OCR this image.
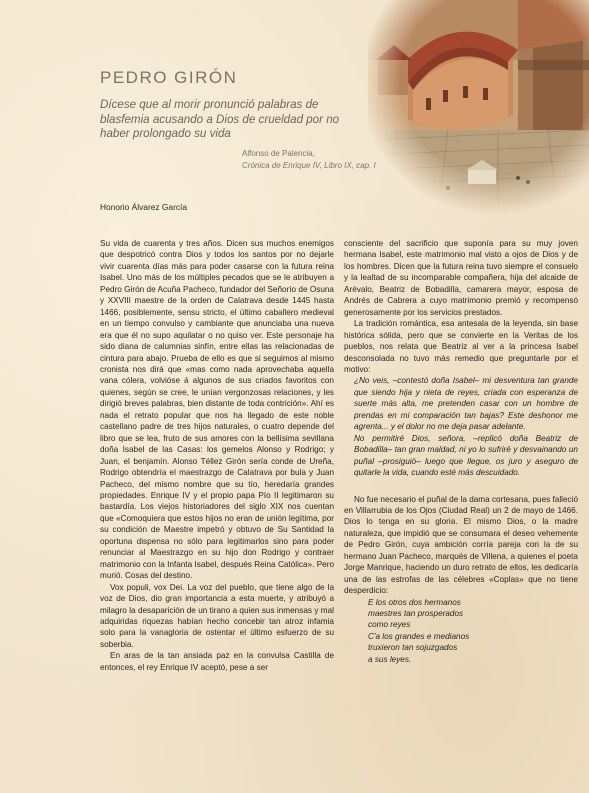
PEDRO GIRÓN

Dícese que al morir pronunció palabras de blasfemia acusando a Dios de crueldad por no haber prolongado su vida

Alfonso de Palencia,
Crónica de Enrique IV, Libro IX, cap. I
Honorio Álvarez García

Su vida de cuarenta y tres años. Dicen sus muchos enemigos que despotricó contra Dios y todos los santos por no dejarle vivir cuarenta días más para poder casarse con la futura reina Isabel. Uno más de los múltiples pecados que se le atribuyen a Pedro Girón de Acuña Pacheco, fundador del Señorío de Osuna y XXVIII maestre de la orden de Calatrava desde 1445 hasta 1466, posiblemente, sensu stricto, el último caballero medieval en un tiempo convulso y cambiante que anunciaba una nueva era que él no supo aquilatar o no quiso ver. Este personaje ha sido diana de calumnias sinfín, entre ellas las relacionadas de cintura para abajo. Prueba de ello es que si seguimos al mismo cronista nos dirá que «mas como nada aprovechaba aquella vana cólera, volvióse á algunos de sus criados favoritos con quienes, según se cree, le unían vergonzosas relaciones, y les dirigió breves palabras, bien distante de toda contrición». Ahí es nada el retrato popular que nos ha llegado de este noble castellano padre de tres hijos naturales, o cuatro depende del libro que se lea, fruto de sus amores con la bellísima sevillana doña Isabel de las Casas: los gemelos Alonso y Rodrigo; y Juan, el benjamín. Alonso Téllez Girón sería conde de Ureña, Rodrigo obtendría el maestrazgo de Calatrava por bula y Juan Pacheco, del mismo nombre que su tío, heredaría grandes propiedades. Enrique IV y el propio papa Pío II legitimaron su bastardía. Los viejos historiadores del siglo XIX nos cuentan que «Comoquiera que estos hijos no eran de unión legítima, por su condición de Maestre impetró y obtuvo de Su Santidad la oportuna dispensa no sólo para legitimarlos sino para poder renunciar al Maestrazgo en su hijo don Rodrigo y contraer matrimonio con la Infanta Isabel, después Reina Católica». Pero murió. Cosas del destino.

Vox populi, vox Dei. La voz del pueblo, que tiene algo de la voz de Dios, dio gran importancia a esta muerte, y atribuyó a milagro la desaparición de un tirano a quien sus inmensas y mal adquiridas riquezas habían hecho concebir tan atroz infamia solo para la vanagloria de ostentar el último esfuerzo de su soberbia.

En aras de la tan ansiada paz en la convulsa Castilla de entonces, el rey Enrique IV aceptó, pese a ser

consciente del sacrificio que suponía para su muy joven hermana Isabel, este matrimonio mal visto a ojos de Dios y de los hombres. Dicen que la futura reina tuvo siempre el consuelo y la lealtad de su incomparable compañera, hija del alcaide de Arévalo, Beatriz de Bobadilla, camarera mayor, esposa de Andrés de Cabrera a cuyo matrimonio premió y recompensó generosamente por los servicios prestados.

La tradición romántica, esa antesala de la leyenda, sin base histórica sólida, pero que se convierte en la Veritas de los pueblos, nos relata que Beatriz al ver a la princesa Isabel desconsolada no tuvo más remedio que preguntarle por el motivo:

¿No veis, –contestó doña Isabel– mi desventura tan grande que siendo hija y nieta de reyes, criada con esperanza de suerte más alta, me pretenden casar con un hombre de prendas en mi comparación tan bajas? Este deshonor me agrenta... y el dolor no me deja pasar adelante.

No permitiré Dios, señora, –replicó doña Beatriz de Bobadilla– tan gran maldad, ni yo lo sufriré y desvainando un puñal –prosiguió– luego que llegue, os juro y aseguro de quitarle la vida, cuando esté más descuidado.

No fue necesario el puñal de la dama cortesana, pues falleció en Villarrubia de los Ojos (Ciudad Real) un 2 de mayo de 1466. Dios lo tenga en su gloria. El mismo Dios, o la madre naturaleza, que impidió que se consumara el deseo vehemente de Pedro Girón, cuya ambición corría pareja con la de su hermano Juan Pacheco, marqués de Villena, a quienes el poeta Jorge Manrique, haciendo un duro retrato de ellos, les dedicaría una de las estrofas de las célebres «Coplas» que no tiene desperdicio:

E los otros dos hermanos
maestres tan prosperados
como reyes
C'a los grandes e medianos
truxieron tan sojuzgados
a sus leyes.
